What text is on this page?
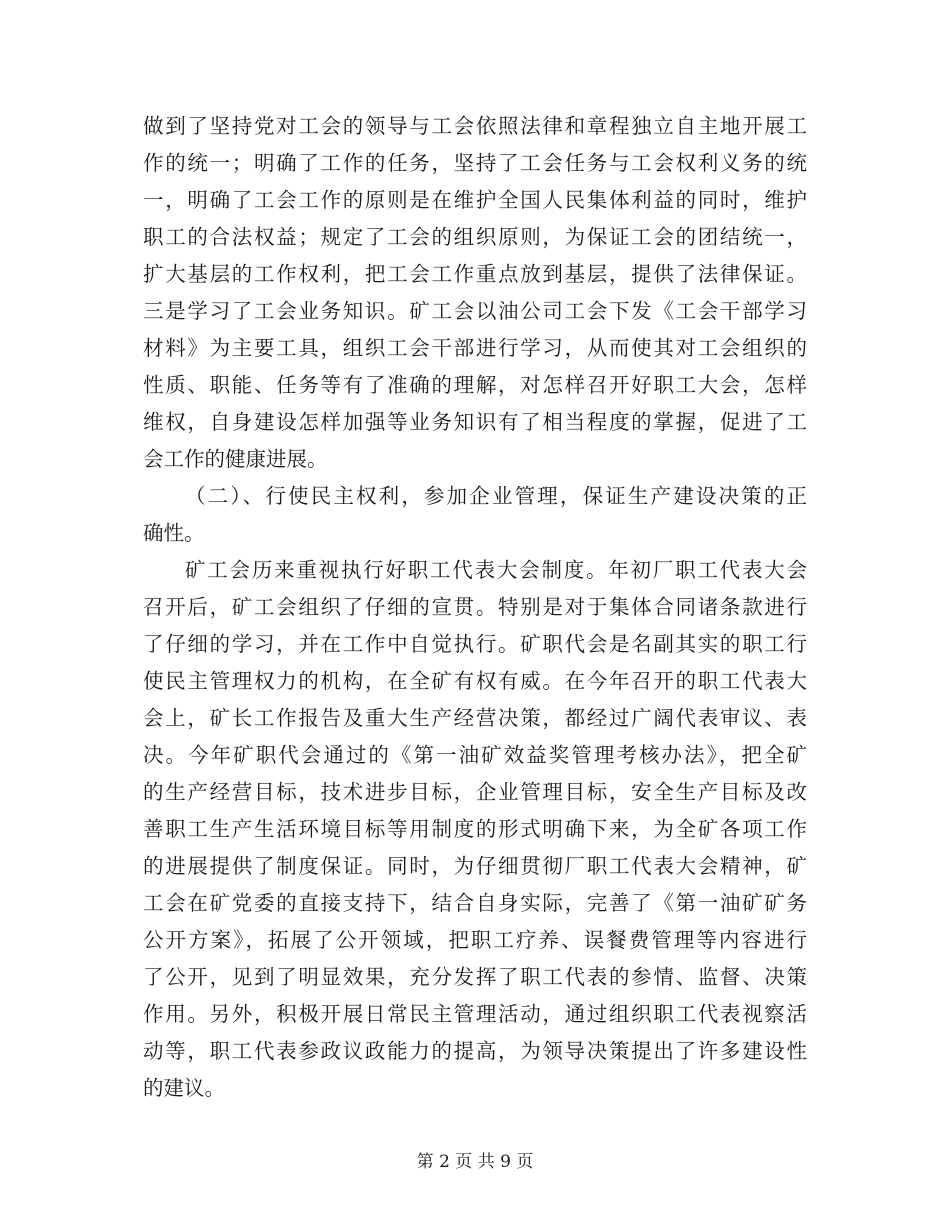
做到了坚持党对工会的领导与工会依照法律和章程独立自主地开展工
作的统一；明确了工作的任务，坚持了工会任务与工会权利义务的统
一，明确了工会工作的原则是在维护全国人民集体利益的同时，维护
职工的合法权益；规定了工会的组织原则，为保证工会的团结统一，
扩大基层的工作权利，把工会工作重点放到基层，提供了法律保证。
三是学习了工会业务知识。矿工会以油公司工会下发《工会干部学习
材料》为主要工具，组织工会干部进行学习，从而使其对工会组织的
性质、职能、任务等有了准确的理解，对怎样召开好职工大会，怎样
维权，自身建设怎样加强等业务知识有了相当程度的掌握，促进了工
会工作的健康进展。
（二）、行使民主权利，参加企业管理，保证生产建设决策的正
确性。
矿工会历来重视执行好职工代表大会制度。年初厂职工代表大会
召开后，矿工会组织了仔细的宣贯。特别是对于集体合同诸条款进行
了仔细的学习，并在工作中自觉执行。矿职代会是名副其实的职工行
使民主管理权力的机构，在全矿有权有威。在今年召开的职工代表大
会上，矿长工作报告及重大生产经营决策，都经过广阔代表审议、表
决。今年矿职代会通过的《第一油矿效益奖管理考核办法》，把全矿
的生产经营目标，技术进步目标，企业管理目标，安全生产目标及改
善职工生产生活环境目标等用制度的形式明确下来，为全矿各项工作
的进展提供了制度保证。同时，为仔细贯彻厂职工代表大会精神，矿
工会在矿党委的直接支持下，结合自身实际，完善了《第一油矿矿务
公开方案》，拓展了公开领域，把职工疗养、误餐费管理等内容进行
了公开，见到了明显效果，充分发挥了职工代表的参情、监督、决策
作用。另外，积极开展日常民主管理活动，通过组织职工代表视察活
动等，职工代表参政议政能力的提高，为领导决策提出了许多建设性
的建议。
第 2 页 共 9 页
